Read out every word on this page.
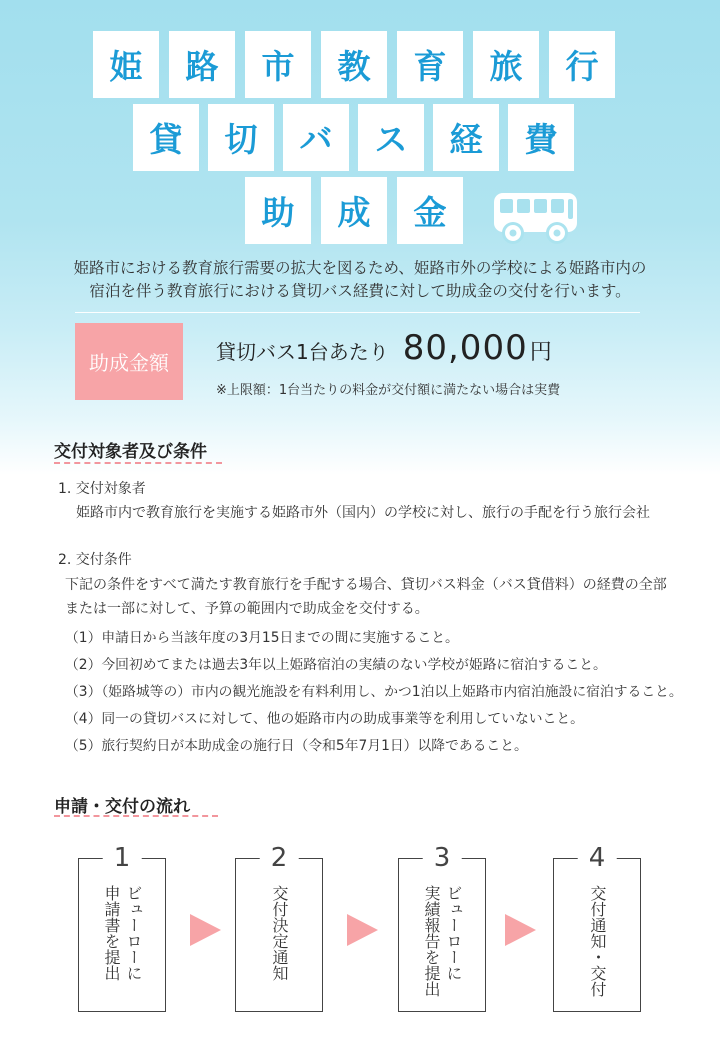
姫	路	市	教	育	旅	行
貸	切	バ	ス	経	費
助	成	金
姫路市における教育旅行需要の拡大を図るため、姫路市外の学校による姫路市内の
宿泊を伴う教育旅行における貸切バス経費に対して助成金の交付を行います。
助成金額	貸切バス1台あたり 80,000 円
※上限額：1台当たりの料金が交付額に満たない場合は実費
交付対象者及び条件
1. 交付対象者
姫路市内で教育旅行を実施する姫路市外（国内）の学校に対し、旅行の手配を行う旅行会社
2. 交付条件
下記の条件をすべて満たす教育旅行を手配する場合、貸切バス料金（バス貸借料）の経費の全部
または一部に対して、予算の範囲内で助成金を交付する。
（1）申請日から当該年度の3月15日までの間に実施すること。
（2）今回初めてまたは過去3年以上姫路宿泊の実績のない学校が姫路に宿泊すること。
（3）（姫路城等の）市内の観光施設を有料利用し、かつ1泊以上姫路市内宿泊施設に宿泊すること。
（4）同一の貸切バスに対して、他の姫路市内の助成事業等を利用していないこと。
（5）旅行契約日が本助成金の施行日（令和5年7月1日）以降であること。
申請・交付の流れ
1
ビューローに
申請書を提出
2
交付決定通知
3
ビューローに
実績報告を提出
4
交付通知・交付
